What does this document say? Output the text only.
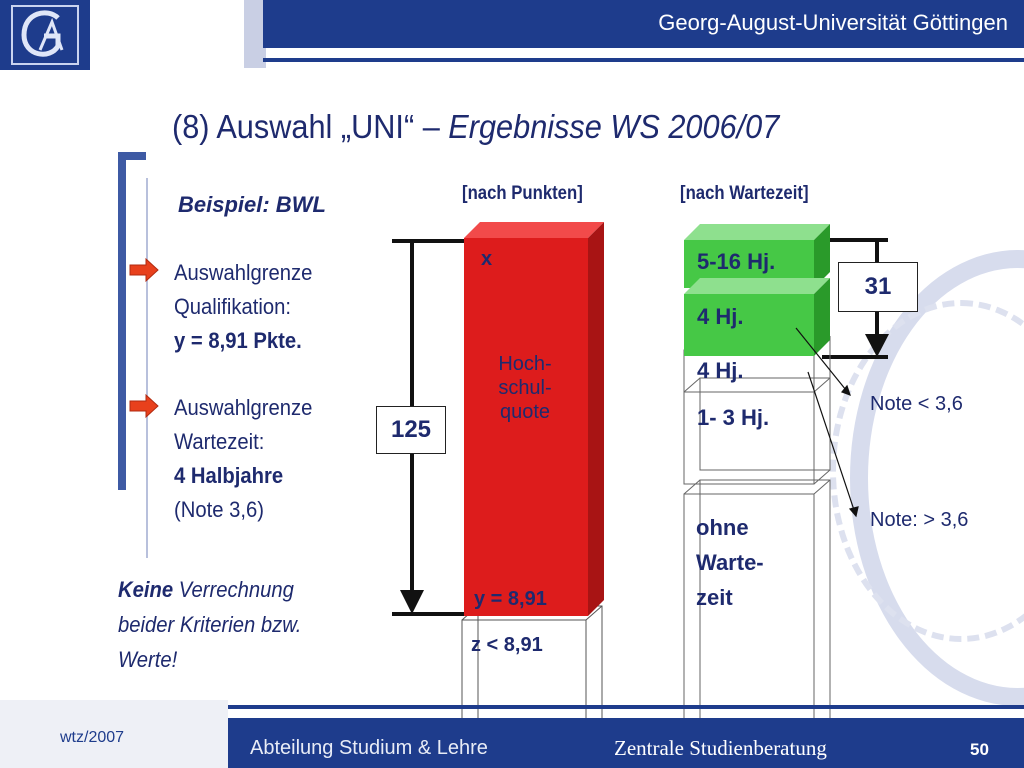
Georg-August-Universität Göttingen
(8) Auswahl „UNI“ – Ergebnisse WS 2006/07
Beispiel: BWL
Auswahlgrenze
Qualifikation:
y = 8,91 Pkte.
Auswahlgrenze
Wartezeit:
4 Halbjahre
(Note 3,6)
Keine Verrechnung
beider Kriterien bzw.
Werte!
[nach Punkten]	[nach Wartezeit]
125
31
x
Hoch-
schul-
quote
y = 8,91
z < 8,91
5-16 Hj.
4 Hj.
4 Hj.
1- 3 Hj.
ohne
Warte-
zeit
Note < 3,6
Note: > 3,6
wtz/2007	Abteilung Studium & Lehre	Zentrale Studienberatung	50
